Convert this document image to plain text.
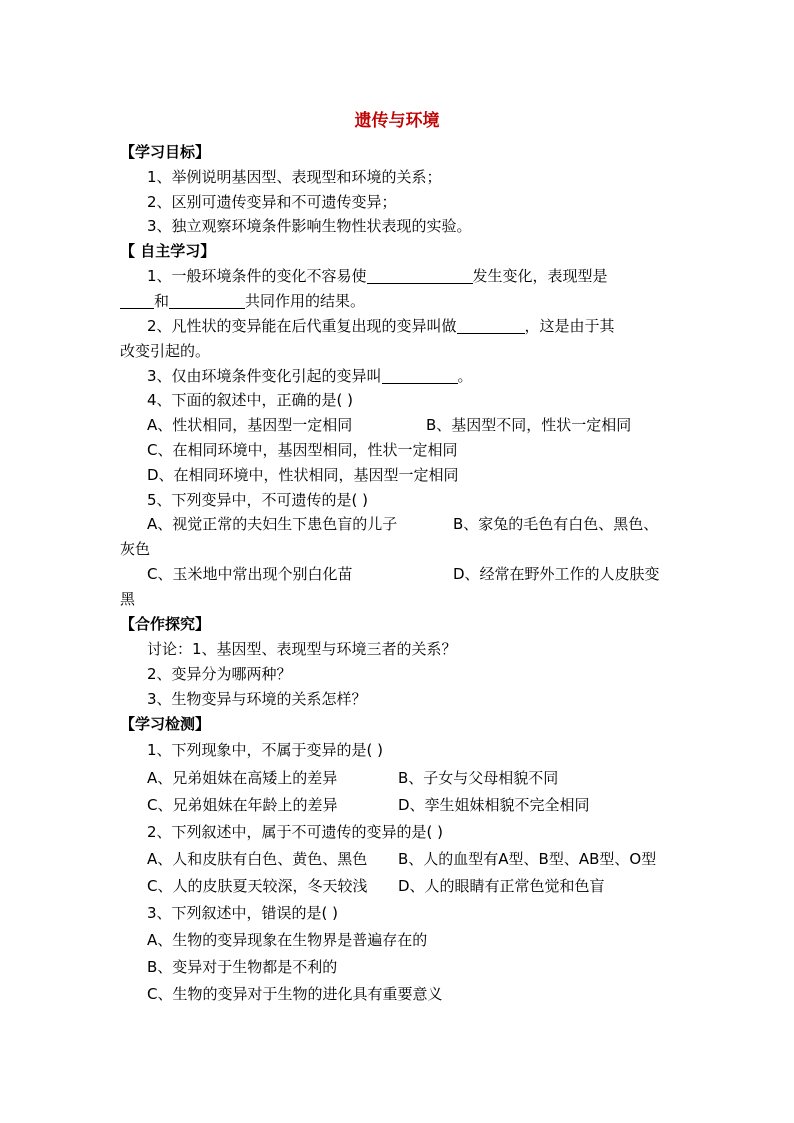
遗传与环境
【学习目标】
1、举例说明基因型、表现型和环境的关系；
2、区别可遗传变异和不可遗传变异；
3、独立观察环境条件影响生物性状表现的实验。
【 自主学习】
1、一般环境条件的变化不容易使	发生变化，表现型是
和	共同作用的结果。
2、凡性状的变异能在后代重复出现的变异叫做	，这是由于其
改变引起的。
3、仅由环境条件变化引起的变异叫	。
4、下面的叙述中，正确的是( )
A、性状相同，基因型一定相同	B、基因型不同，性状一定相同
C、在相同环境中，基因型相同，性状一定相同
D、在相同环境中，性状相同，基因型一定相同
5、下列变异中，不可遗传的是( )
A、视觉正常的夫妇生下患色盲的儿子	B、家兔的毛色有白色、黑色、
灰色
C、玉米地中常出现个别白化苗	D、经常在野外工作的人皮肤变
黑
【合作探究】
讨论：1、基因型、表现型与环境三者的关系？
2、变异分为哪两种？
3、生物变异与环境的关系怎样？
【学习检测】
1、下列现象中，不属于变异的是( )
A、兄弟姐妹在高矮上的差异	B、子女与父母相貌不同
C、兄弟姐妹在年龄上的差异	D、孪生姐妹相貌不完全相同
2、下列叙述中，属于不可遗传的变异的是( )
A、人和皮肤有白色、黄色、黑色 B、人的血型有A型、B型、AB型、O型
C、人的皮肤夏天较深，冬天较浅 D、人的眼睛有正常色觉和色盲
3、下列叙述中，错误的是( )
A、生物的变异现象在生物界是普遍存在的
B、变异对于生物都是不利的
C、生物的变异对于生物的进化具有重要意义
